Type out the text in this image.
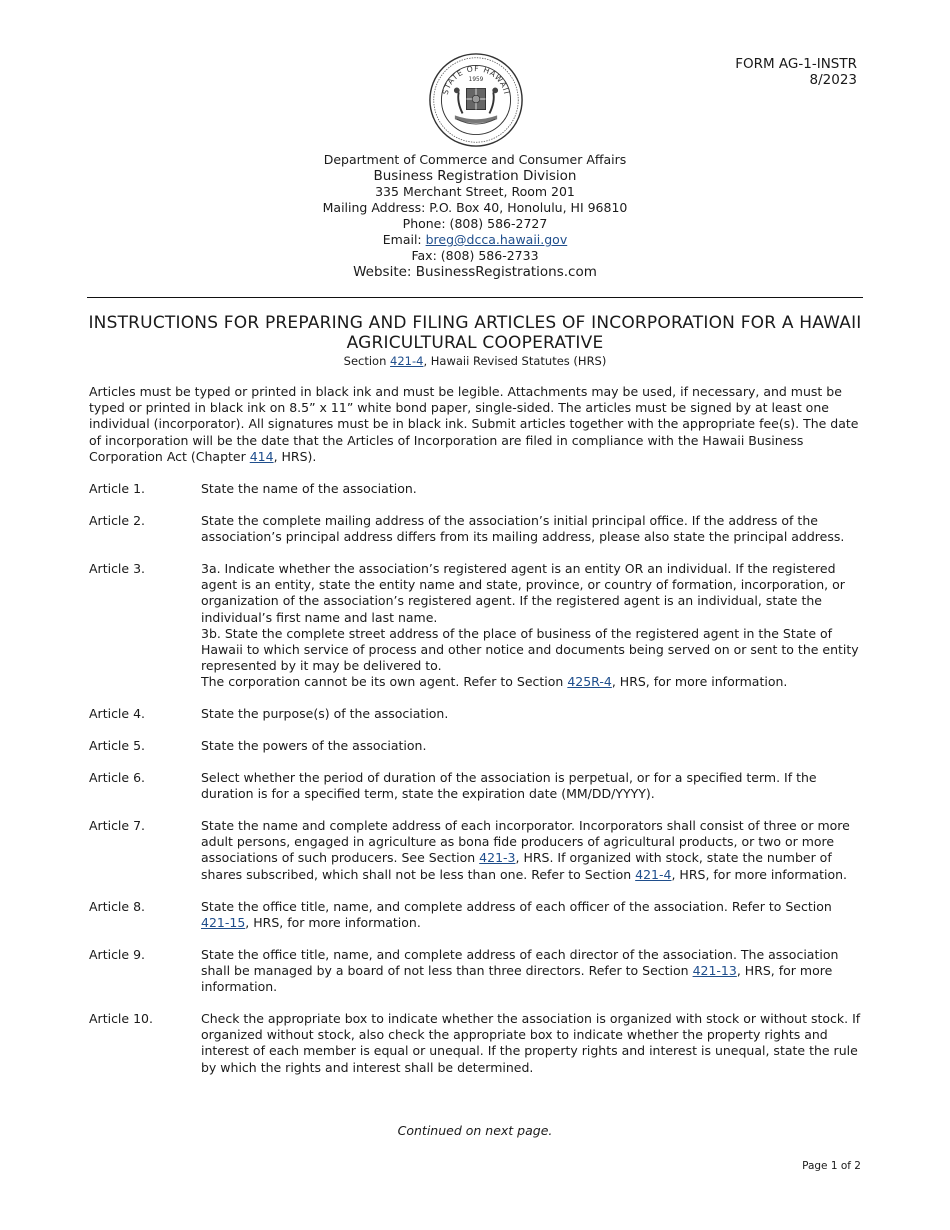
STATE OF HAWAII
1959
FORM AG-1-INSTR
8/2023
Department of Commerce and Consumer Affairs
Business Registration Division
335 Merchant Street, Room 201
Mailing Address: P.O. Box 40, Honolulu, HI 96810
Phone: (808) 586-2727
Email: breg@dcca.hawaii.gov
Fax: (808) 586-2733
Website: BusinessRegistrations.com
INSTRUCTIONS FOR PREPARING AND FILING ARTICLES OF INCORPORATION FOR A HAWAII AGRICULTURAL COOPERATIVE
Section 421-4, Hawaii Revised Statutes (HRS)
Articles must be typed or printed in black ink and must be legible. Attachments may be used, if necessary, and must be typed or printed in black ink on 8.5” x 11” white bond paper, single-sided. The articles must be signed by at least one individual (incorporator). All signatures must be in black ink. Submit articles together with the appropriate fee(s). The date of incorporation will be the date that the Articles of Incorporation are filed in compliance with the Hawaii Business Corporation Act (Chapter 414, HRS).
Article 1.	State the name of the association.
Article 2.	State the complete mailing address of the association’s initial principal office. If the address of the association’s principal address differs from its mailing address, please also state the principal address.
Article 3.	3a. Indicate whether the association’s registered agent is an entity OR an individual. If the registered agent is an entity, state the entity name and state, province, or country of formation, incorporation, or organization of the association’s registered agent. If the registered agent is an individual, state the individual’s first name and last name.

3b. State the complete street address of the place of business of the registered agent in the State of Hawaii to which service of process and other notice and documents being served on or sent to the entity represented by it may be delivered to.

The corporation cannot be its own agent. Refer to Section 425R-4, HRS, for more information.

Article 4.	State the purpose(s) of the association.
Article 5.	State the powers of the association.
Article 6.	Select whether the period of duration of the association is perpetual, or for a specified term. If the duration is for a specified term, state the expiration date (MM/DD/YYYY).
Article 7.	State the name and complete address of each incorporator. Incorporators shall consist of three or more adult persons, engaged in agriculture as bona fide producers of agricultural products, or two or more associations of such producers. See Section 421-3, HRS. If organized with stock, state the number of shares subscribed, which shall not be less than one. Refer to Section 421-4, HRS, for more information.
Article 8.	State the office title, name, and complete address of each officer of the association. Refer to Section 421-15, HRS, for more information.
Article 9.	State the office title, name, and complete address of each director of the association. The association shall be managed by a board of not less than three directors. Refer to Section 421-13, HRS, for more information.
Article 10.	Check the appropriate box to indicate whether the association is organized with stock or without stock. If organized without stock, also check the appropriate box to indicate whether the property rights and interest of each member is equal or unequal. If the property rights and interest is unequal, state the rule by which the rights and interest shall be determined.
Continued on next page.
Page 1 of 2
